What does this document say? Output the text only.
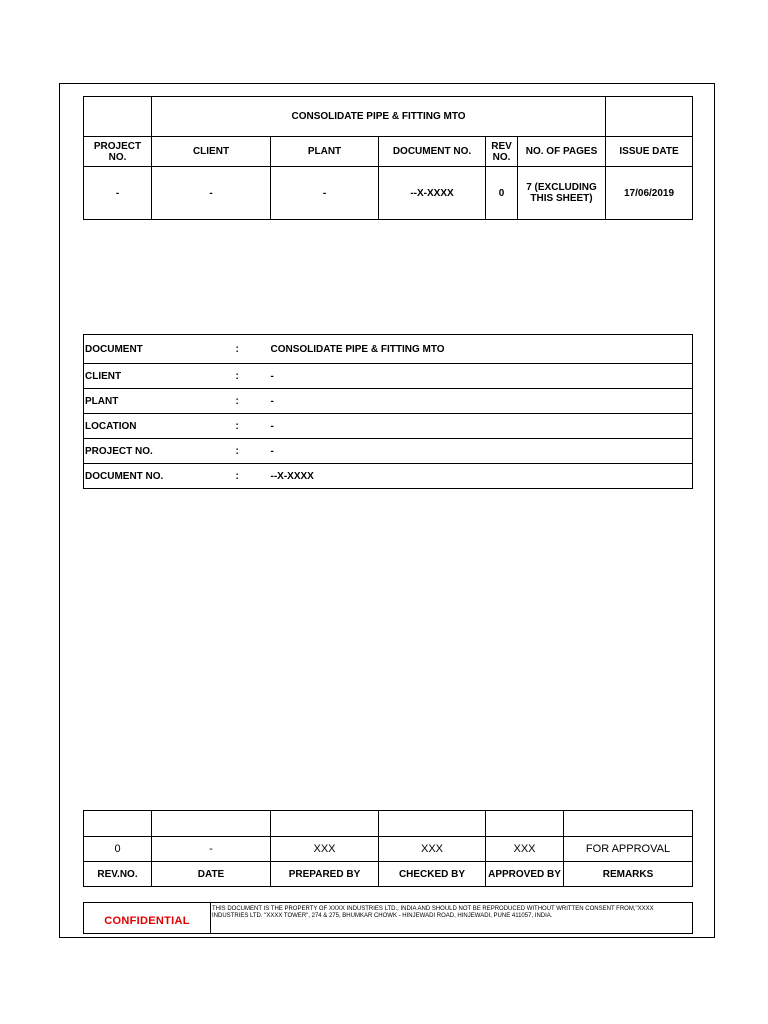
	CONSOLIDATE PIPE & FITTING MTO					
PROJECT NO.	CLIENT	PLANT	DOCUMENT NO.	REV NO.	NO. OF PAGES	ISSUE DATE
-	-	-	--X-XXXX	0	7 (EXCLUDING THIS SHEET)	17/06/2019
DOCUMENT	:	CONSOLIDATE PIPE & FITTING MTO
CLIENT	:	-
PLANT	:	-
LOCATION	:	-
PROJECT NO.	:	-
DOCUMENT NO.	:	--X-XXXX

0	-	XXX	XXX	XXX	FOR APPROVAL
REV.NO.	DATE	PREPARED BY	CHECKED BY	APPROVED BY	REMARKS
CONFIDENTIAL	THIS DOCUMENT IS THE PROPERTY OF XXXX INDUSTRIES LTD., INDIA AND SHOULD NOT BE REPRODUCED WITHOUT WRITTEN CONSENT FROM,"XXXX INDUSTRIES LTD. "XXXX TOWER", 274 & 275, BHUMKAR CHOWK - HINJEWADI ROAD, HINJEWADI, PUNE 411057, INDIA.
